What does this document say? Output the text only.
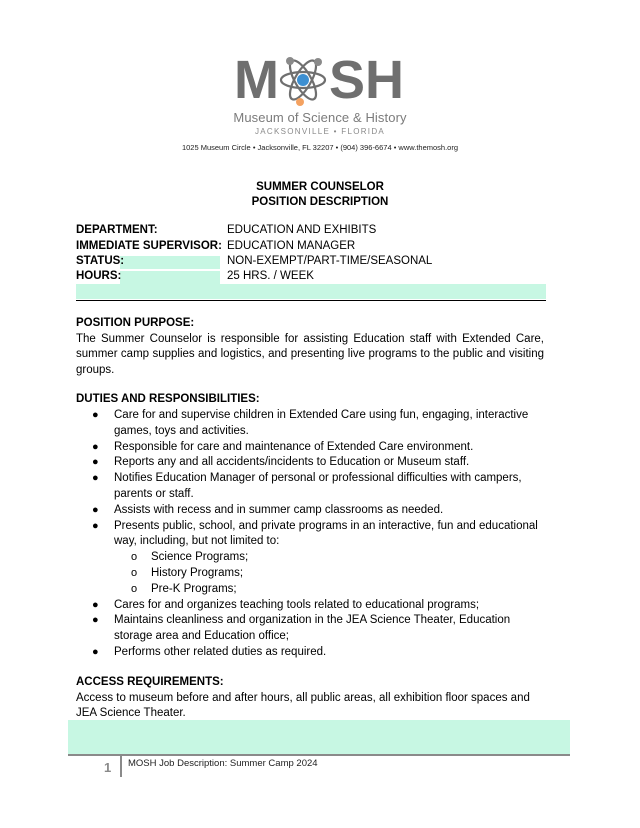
M SH
Museum of Science & History
JACKSONVILLE • FLORIDA
1025 Museum Circle • Jacksonville, FL 32207 • (904) 396-6674 • www.themosh.org
SUMMER COUNSELOR
POSITION DESCRIPTION
DEPARTMENT:	EDUCATION AND EXHIBITS
IMMEDIATE SUPERVISOR: EDUCATION MANAGER
STATUS:	NON-EXEMPT/PART-TIME/SEASONAL
HOURS:	25 HRS. / WEEK
POSITION PURPOSE:
The Summer Counselor is responsible for assisting Education staff with Extended Care, summer camp supplies and logistics, and presenting live programs to the public and visiting groups.
DUTIES AND RESPONSIBILITIES:
● Care for and supervise children in Extended Care using fun, engaging, interactive games, toys and activities.
● Responsible for care and maintenance of Extended Care environment.
● Reports any and all accidents/incidents to Education or Museum staff.
● Notifies Education Manager of personal or professional difficulties with campers, parents or staff.
● Assists with recess and in summer camp classrooms as needed.
● Presents public, school, and private programs in an interactive, fun and educational way, including, but not limited to:
o Science Programs;
o History Programs;
o Pre-K Programs;
● Cares for and organizes teaching tools related to educational programs;
● Maintains cleanliness and organization in the JEA Science Theater, Education storage area and Education office;
● Performs other related duties as required.
ACCESS REQUIREMENTS:
Access to museum before and after hours, all public areas, all exhibition floor spaces and JEA Science Theater.
1 MOSH Job Description: Summer Camp 2024
